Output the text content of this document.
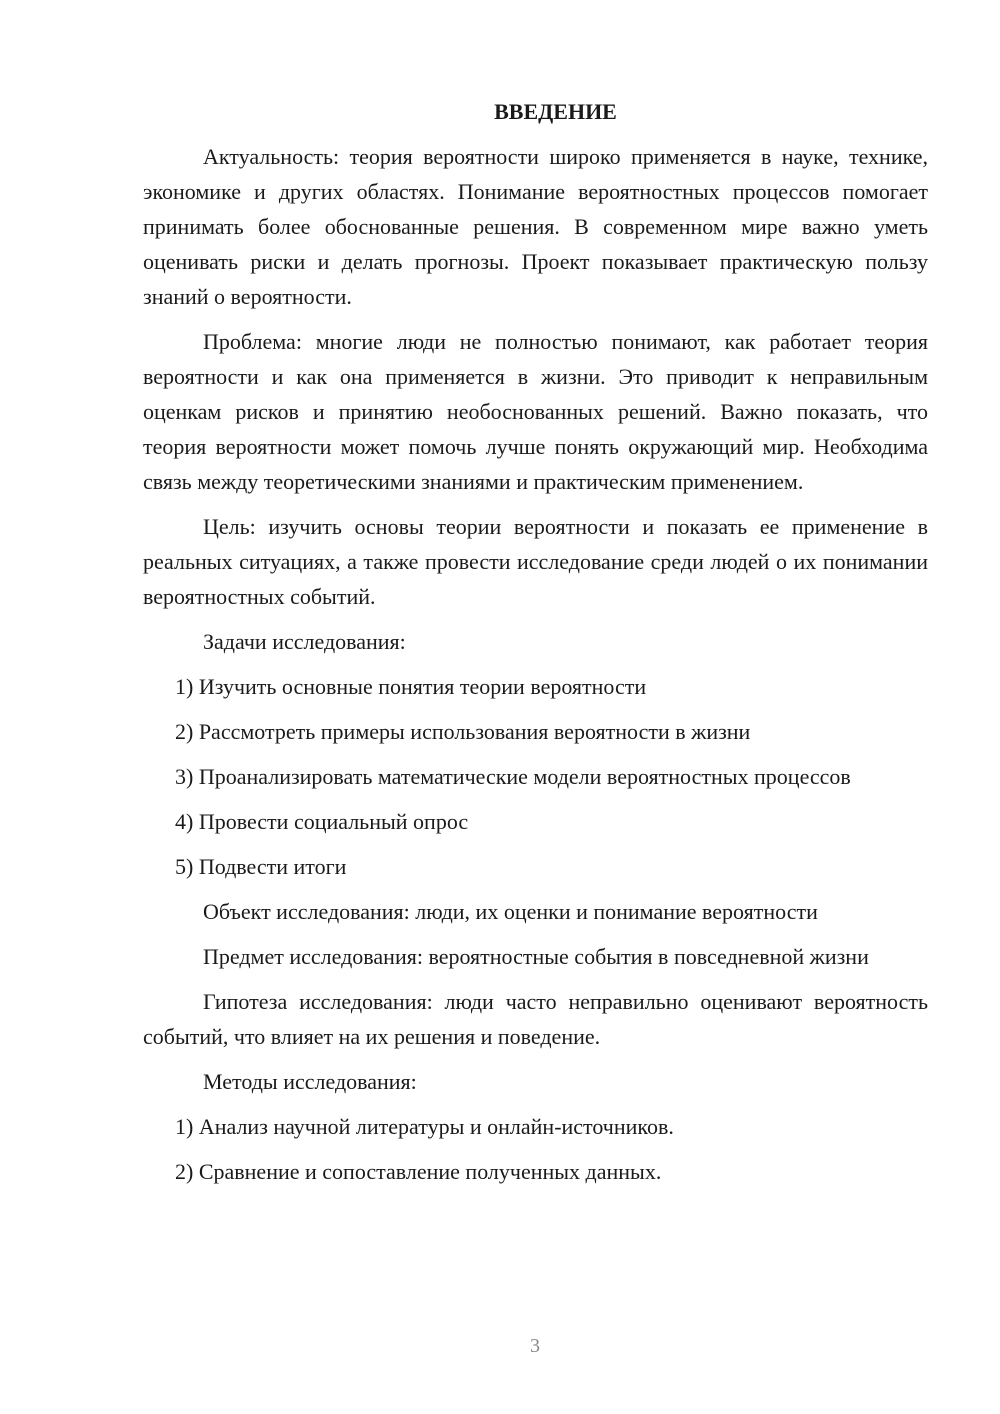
ВВЕДЕНИЕ

Актуальность: теория вероятности широко применяется в науке, технике, экономике и других областях. Понимание вероятностных процессов помогает принимать более обоснованные решения. В современном мире важно уметь оценивать риски и делать прогнозы. Проект показывает практическую пользу знаний о вероятности.

Проблема: многие люди не полностью понимают, как работает теория вероятности и как она применяется в жизни. Это приводит к неправильным оценкам рисков и принятию необоснованных решений. Важно показать, что теория вероятности может помочь лучше понять окружающий мир. Необходима связь между теоретическими знаниями и практическим применением.

Цель: изучить основы теории вероятности и показать ее применение в реальных ситуациях, а также провести исследование среди людей о их понимании вероятностных событий.

Задачи исследования:

1) Изучить основные понятия теории вероятности

2) Рассмотреть примеры использования вероятности в жизни

3) Проанализировать математические модели вероятностных процессов

4) Провести социальный опрос

5) Подвести итоги

Объект исследования: люди, их оценки и понимание вероятности

Предмет исследования: вероятностные события в повседневной жизни

Гипотеза исследования: люди часто неправильно оценивают вероятность событий, что влияет на их решения и поведение.

Методы исследования:

1) Анализ научной литературы и онлайн-источников.

2) Сравнение и сопоставление полученных данных.

3
